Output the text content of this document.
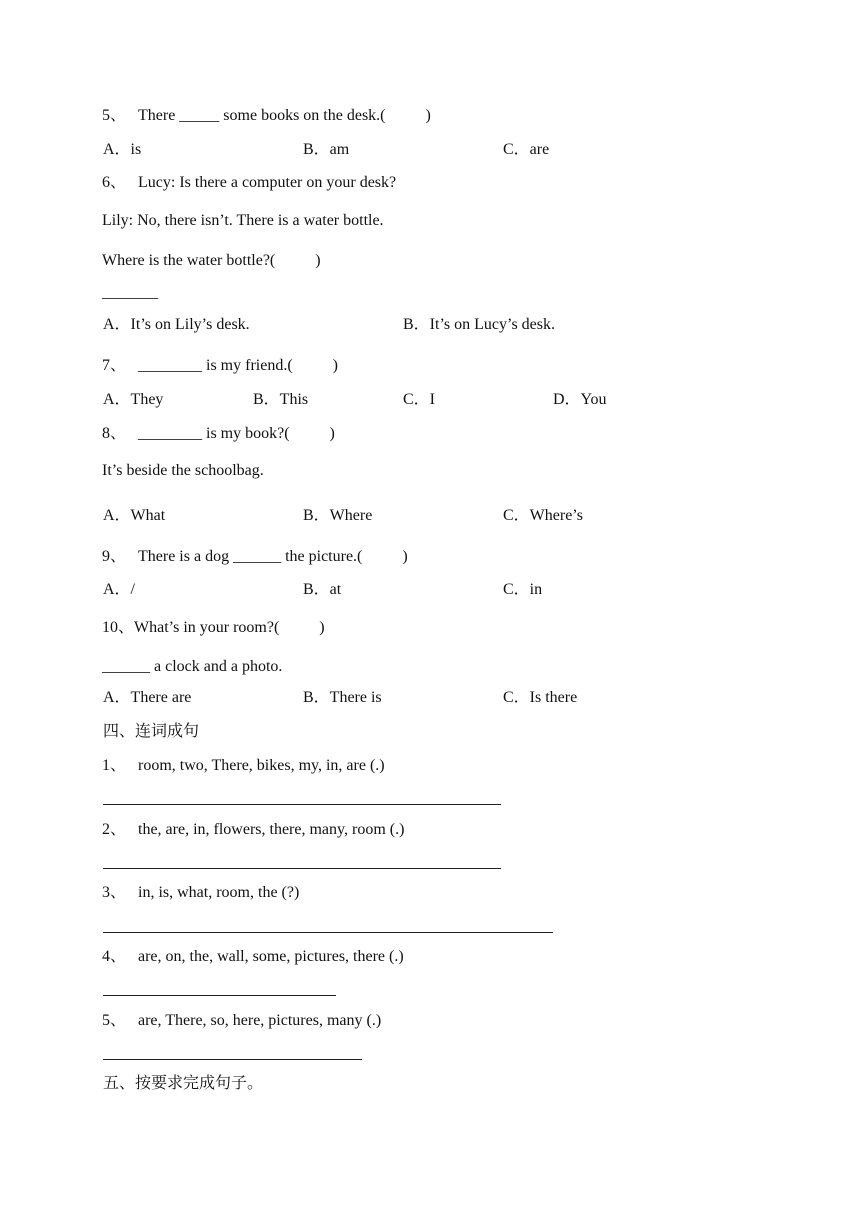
5、   There _____ some books on the desk.(          )
A．is	B．am	C．are
6、   Lucy: Is there a computer on your desk?
Lily: No, there isn’t. There is a water bottle.
Where is the water bottle?(          )
_______
A．It’s on Lily’s desk.	B．It’s on Lucy’s desk.
7、   ________ is my friend.(          )
A．They	B．This	C．I	D．You
8、   ________ is my book?(          )
It’s beside the schoolbag.
A．What	B．Where	C．Where’s
9、   There is a dog ______ the picture.(          )
A．/	B．at	C．in
10、What’s in your room?(          )
______ a clock and a photo.
A．There are	B．There is	C．Is there
四、连词成句
1、   room, two, There, bikes, my, in, are (.)
2、   the, are, in, flowers, there, many, room (.)
3、   in, is, what, room, the (?)
4、   are, on, the, wall, some, pictures, there (.)
5、   are, There, so, here, pictures, many (.)
五、按要求完成句子。
